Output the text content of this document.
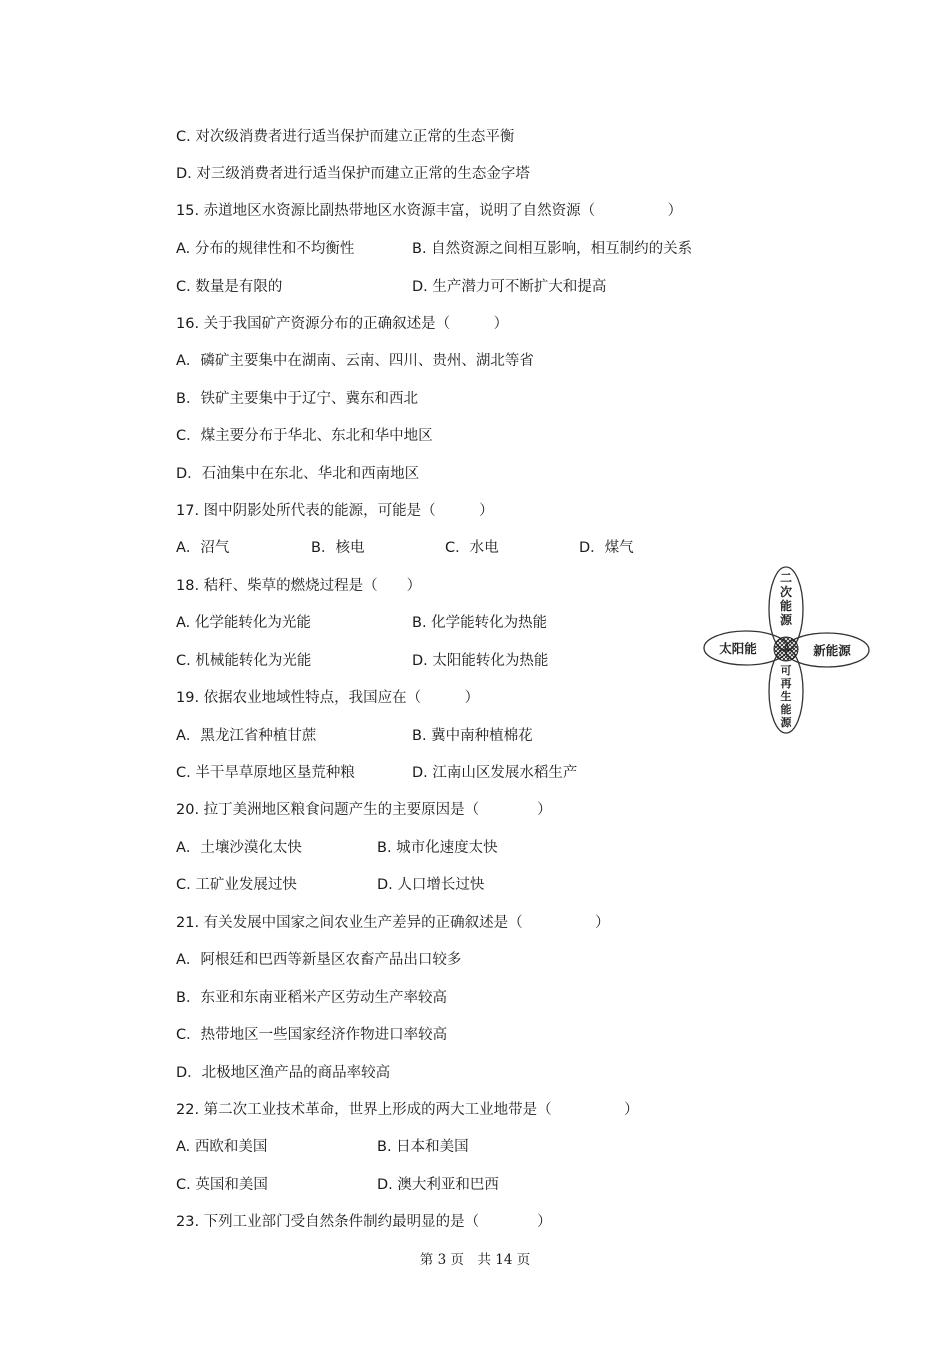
C. 对次级消费者进行适当保护而建立正常的生态平衡
D. 对三级消费者进行适当保护而建立正常的生态金字塔
15. 赤道地区水资源比副热带地区水资源丰富，说明了自然资源（　　　　　）
A. 分布的规律性和不均衡性	B. 自然资源之间相互影响，相互制约的关系
C. 数量是有限的	D. 生产潜力可不断扩大和提高
16. 关于我国矿产资源分布的正确叙述是（　　　）
A．磷矿主要集中在湖南、云南、四川、贵州、湖北等省
B．铁矿主要集中于辽宁、冀东和西北
C．煤主要分布于华北、东北和华中地区
D．石油集中在东北、华北和西南地区
17. 图中阴影处所代表的能源，可能是（　　　）
A．沼气	B．核电	C．水电	D．煤气
18. 秸秆、柴草的燃烧过程是（　　）
A. 化学能转化为光能	B. 化学能转化为热能
C. 机械能转化为光能	D. 太阳能转化为热能
19. 依据农业地域性特点，我国应在（　　　）
A．黑龙江省种植甘蔗	B. 冀中南种植棉花
C. 半干旱草原地区垦荒种粮	D. 江南山区发展水稻生产
20. 拉丁美洲地区粮食问题产生的主要原因是（　　　　）
A．土壤沙漠化太快	B. 城市化速度太快
C. 工矿业发展过快	D. 人口增长过快
21. 有关发展中国家之间农业生产差异的正确叙述是（　　　　　）
A．阿根廷和巴西等新垦区农畜产品出口较多
B．东亚和东南亚稻米产区劳动生产率较高
C．热带地区一些国家经济作物进口率较高
D．北极地区渔产品的商品率较高
22. 第二次工业技术革命，世界上形成的两大工业地带是（　　　　　）
A. 西欧和美国	B. 日本和美国
C. 英国和美国	D. 澳大利亚和巴西
23. 下列工业部门受自然条件制约最明显的是（　　　　）
二
次
能
源
可
再
生
能
源
太阳能	新能源
第 3 页　共 14 页
